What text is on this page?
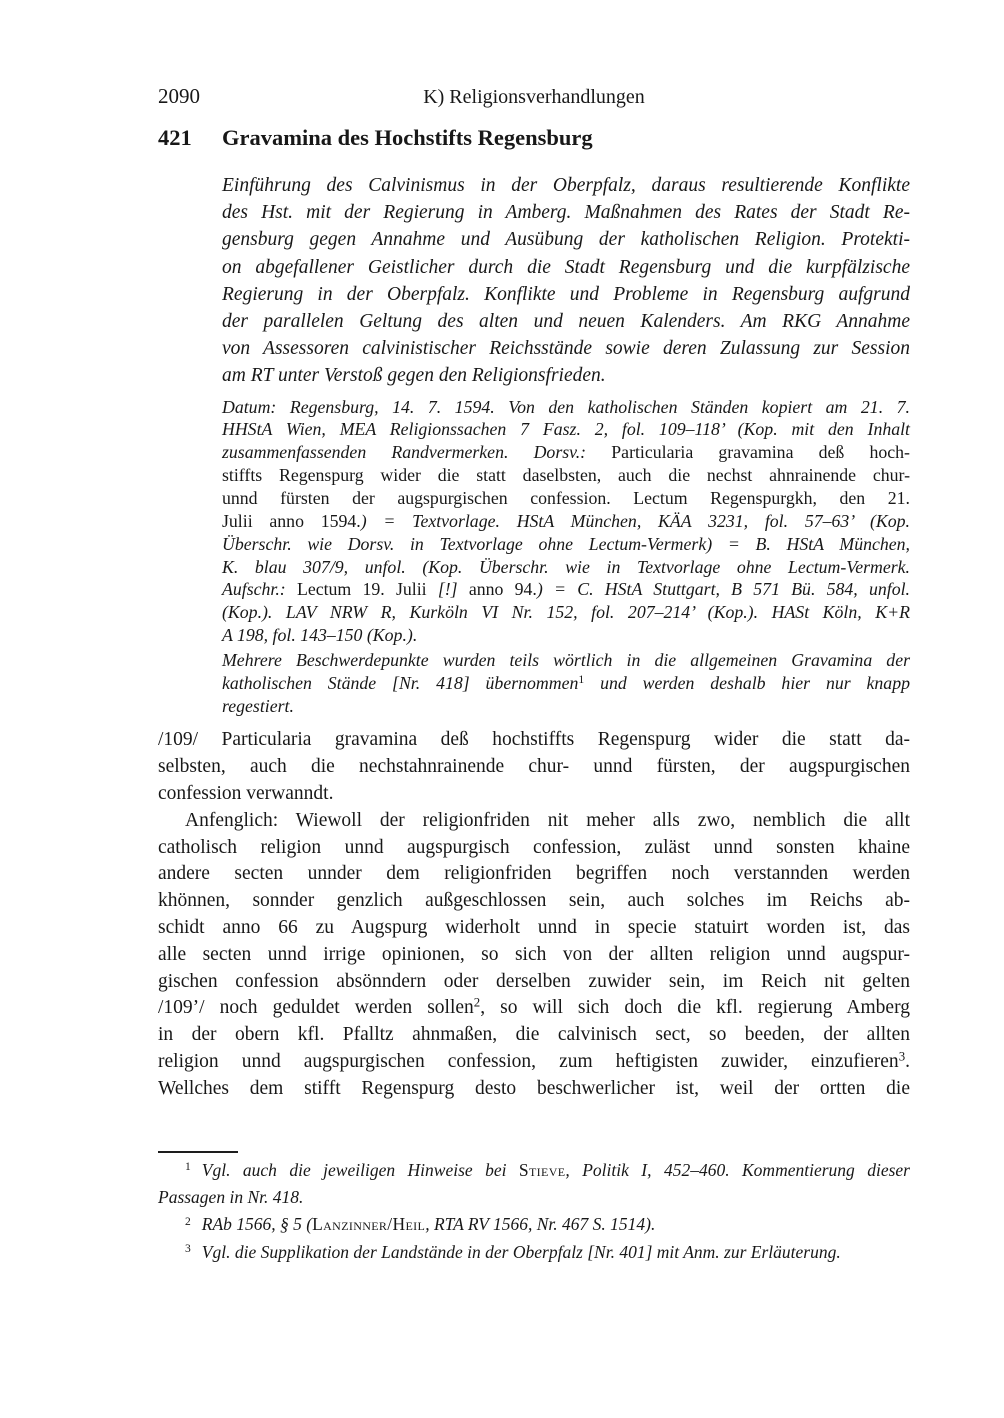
2090	K) Religionsverhandlungen
421	Gravamina des Hochstifts Regensburg
Einführung des Calvinismus in der Oberpfalz, daraus resultierende Konflikte
des Hst. mit der Regierung in Amberg. Maßnahmen des Rates der Stadt Re-
gensburg gegen Annahme und Ausübung der katholischen Religion. Protekti-
on abgefallener Geistlicher durch die Stadt Regensburg und die kurpfälzische
Regierung in der Oberpfalz. Konflikte und Probleme in Regensburg aufgrund
der parallelen Geltung des alten und neuen Kalenders. Am RKG Annahme
von Assessoren calvinistischer Reichsstände sowie deren Zulassung zur Session
am RT unter Verstoß gegen den Religionsfrieden.
Datum: Regensburg, 14. 7. 1594. Von den katholischen Ständen kopiert am 21. 7.
HHStA Wien, MEA Religionssachen 7 Fasz. 2, fol. 109–118’ (Kop. mit den Inhalt
zusammenfassenden Randvermerken. Dorsv.: Particularia gravamina deß hoch-
stiffts Regenspurg wider die statt daselbsten, auch die nechst ahnrainende chur-
unnd fürsten der augspurgischen confession. Lectum Regenspurgkh, den 21.
Julii anno 1594.) = Textvorlage. HStA München, KÄA 3231, fol. 57–63’ (Kop.
Überschr. wie Dorsv. in Textvorlage ohne Lectum-Vermerk) = B. HStA München,
K. blau 307/9, unfol. (Kop. Überschr. wie in Textvorlage ohne Lectum-Vermerk.
Aufschr.: Lectum 19. Julii [!] anno 94.) = C. HStA Stuttgart, B 571 Bü. 584, unfol.
(Kop.). LAV NRW R, Kurköln VI Nr. 152, fol. 207–214’ (Kop.). HASt Köln, K+R
A 198, fol. 143–150 (Kop.).
Mehrere Beschwerdepunkte wurden teils wörtlich in die allgemeinen Gravamina der
katholischen Stände [Nr. 418] übernommen$^1$ und werden deshalb hier nur knapp
regestiert.
/109/ Particularia gravamina deß hochstiffts Regenspurg wider die statt da-
selbsten, auch die nechstahnrainende chur- unnd fürsten, der augspurgischen
confession verwanndt.
Anfenglich: Wiewoll der religionfriden nit meher alls zwo, nemblich die allt
catholisch religion unnd augspurgisch confession, zuläst unnd sonsten khaine
andere secten unnder dem religionfriden begriffen noch verstannden werden
khönnen, sonnder genzlich außgeschlossen sein, auch solches im Reichs ab-
schidt anno 66 zu Augspurg widerholt unnd in specie statuirt worden ist, das
alle secten unnd irrige opinionen, so sich von der allten religion unnd augspur-
gischen confession absönndern oder derselben zuwider sein, im Reich nit gelten
/109’/ noch geduldet werden sollen$^2$, so will sich doch die kfl. regierung Amberg
in der obern kfl. Pfalltz ahnmaßen, die calvinisch sect, so beeden, der allten
religion unnd augspurgischen confession, zum heftigisten zuwider, einzufieren$^3$.
Wellches dem stifft Regenspurg desto beschwerlicher ist, weil der ortten die
$^1$ Vgl. auch die jeweiligen Hinweise bei Stieve, Politik I, 452–460. Kommentierung dieser
Passagen in Nr. 418.
$^2$ RAb 1566, § 5 (Lanzinner/Heil, RTA RV 1566, Nr. 467 S. 1514).
$^3$ Vgl. die Supplikation der Landstände in der Oberpfalz [Nr. 401] mit Anm. zur Erläuterung.
